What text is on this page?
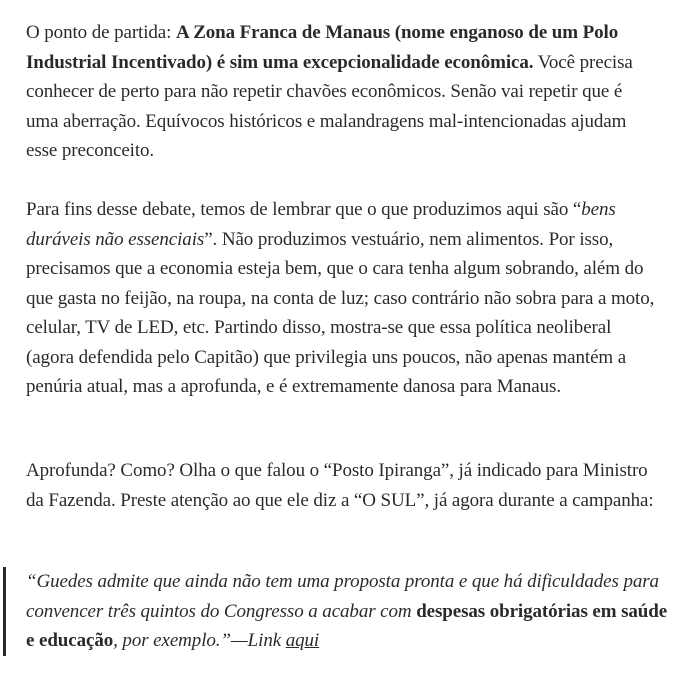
O ponto de partida: A Zona Franca de Manaus (nome enganoso de um Polo Industrial Incentivado) é sim uma excepcionalidade econômica. Você precisa conhecer de perto para não repetir chavões econômicos. Senão vai repetir que é uma aberração. Equívocos históricos e malandragens mal-intencionadas ajudam esse preconceito.

Para fins desse debate, temos de lembrar que o que produzimos aqui são “bens duráveis não essenciais”. Não produzimos vestuário, nem alimentos. Por isso, precisamos que a economia esteja bem, que o cara tenha algum sobrando, além do que gasta no feijão, na roupa, na conta de luz; caso contrário não sobra para a moto, celular, TV de LED, etc. Partindo disso, mostra-se que essa política neoliberal (agora defendida pelo Capitão) que privilegia uns poucos, não apenas mantém a penúria atual, mas a aprofunda, e é extremamente danosa para Manaus.

Aprofunda? Como? Olha o que falou o “Posto Ipiranga”, já indicado para Ministro da Fazenda. Preste atenção ao que ele diz a “O SUL”, já agora durante a campanha:

“Guedes admite que ainda não tem uma proposta pronta e que há dificuldades para convencer três quintos do Congresso a acabar com despesas obrigatórias em saúde e educação, por exemplo.”—Link aqui
